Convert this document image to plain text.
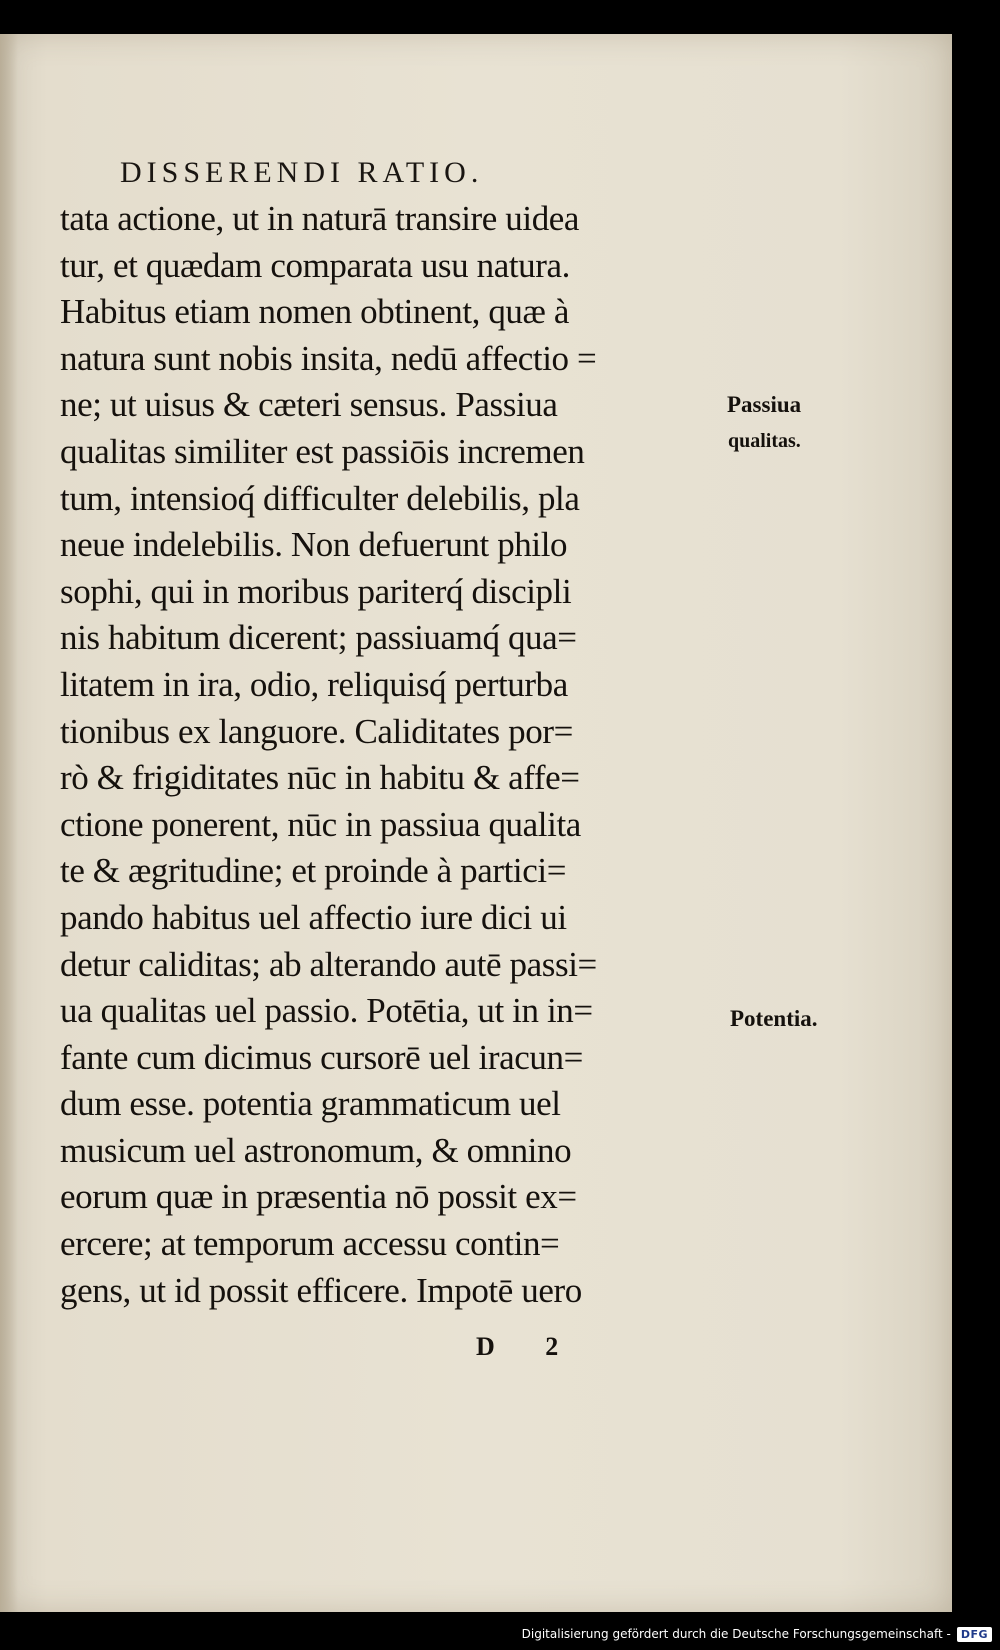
DISSERENDI RATIO.
tata actione, ut in naturā transire uidea
tur, et quædam comparata usu natura.
Habitus etiam nomen obtinent, quæ à
natura sunt nobis insita, nedū affectio =
ne; ut uisus & cæteri sensus. Passiua
qualitas similiter est passiōis incremen
tum, intensioq́ difficulter delebilis, pla
neue indelebilis. Non defuerunt philo
sophi, qui in moribus pariterq́ discipli
nis habitum dicerent; passiuamq́ qua=
litatem in ira, odio, reliquisq́ perturba
tionibus ex languore. Caliditates por=
rò & frigiditates nūc in habitu & affe=
ctione ponerent, nūc in passiua qualita
te & ægritudine; et proinde à partici=
pando habitus uel affectio iure dici ui
detur caliditas; ab alterando autē passi=
ua qualitas uel passio. Potētia, ut in in=
fante cum dicimus cursorē uel iracun=
dum esse. potentia grammaticum uel
musicum uel astronomum, & omnino
eorum quæ in præsentia nō possit ex=
ercere; at temporum accessu contin=
gens, ut id possit efficere. Impotē uero
Passiua
qualitas.
Potentia.
D 2
Digitalisierung gefördert durch die Deutsche Forschungsgemeinschaft - DFG
